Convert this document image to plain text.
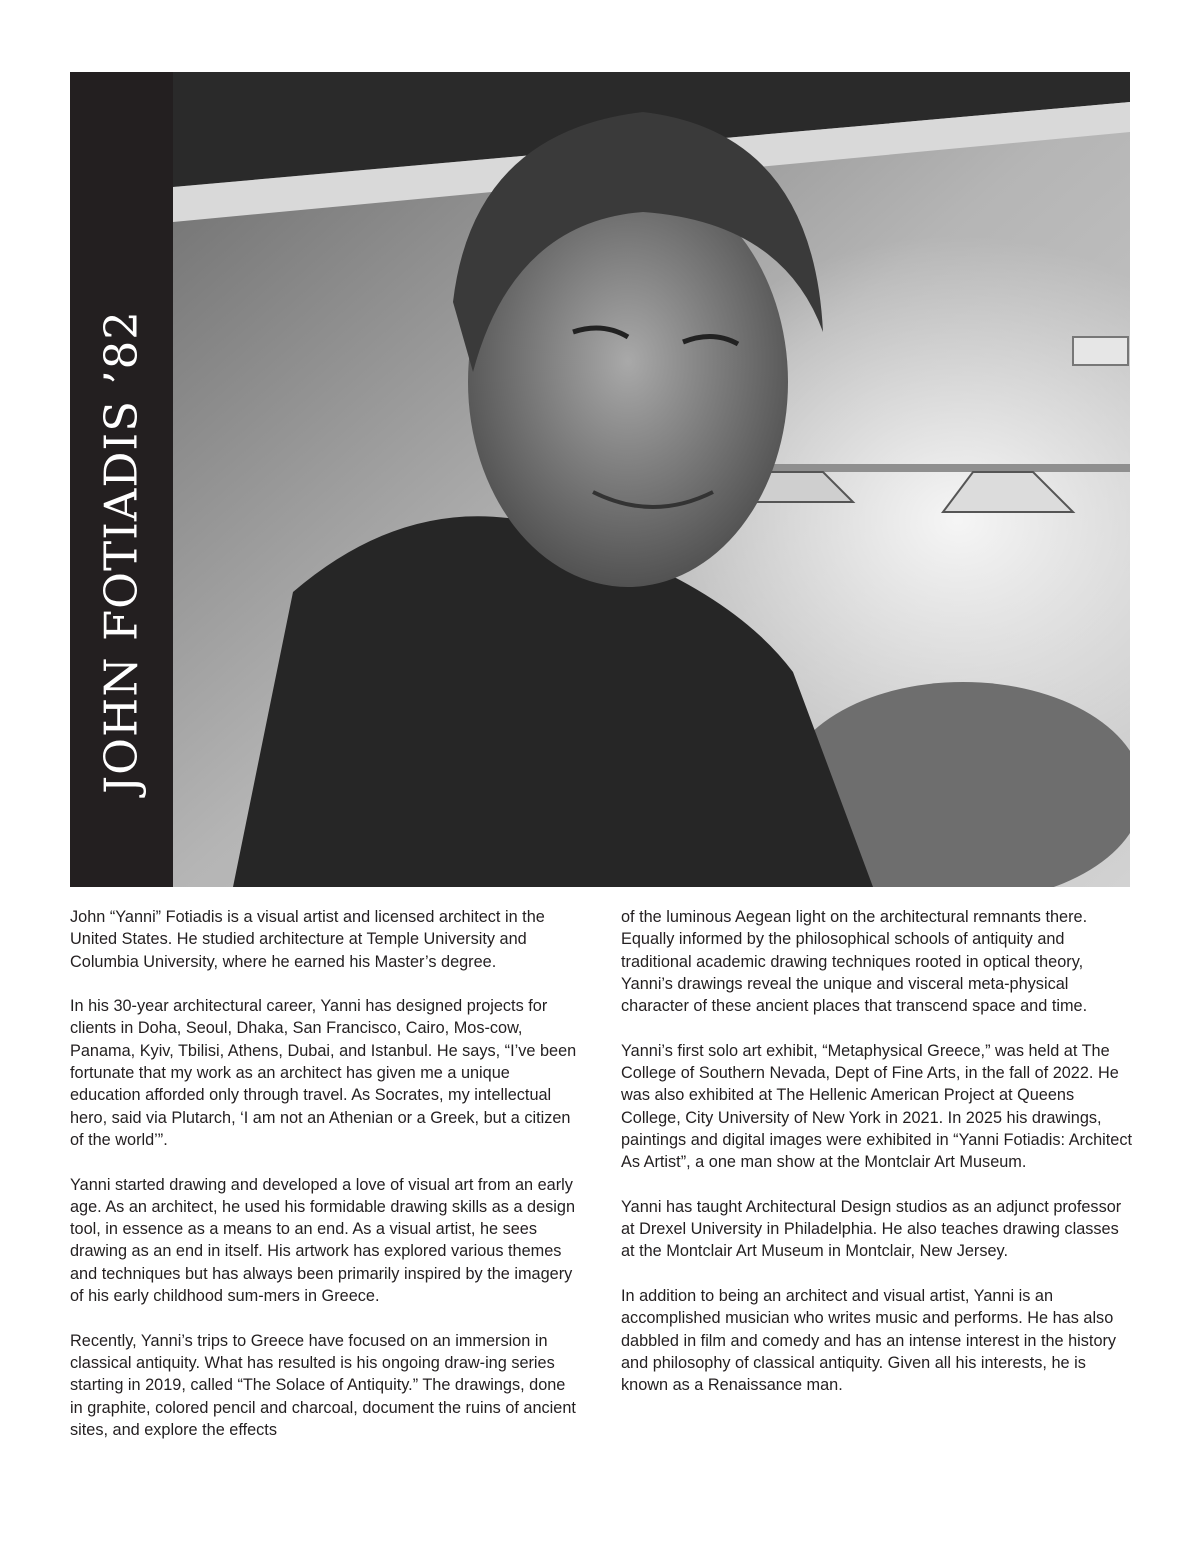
JOHN FOTIADIS ’82

John “Yanni” Fotiadis is a visual artist and licensed architect in the United States. He studied architecture at Temple University and Columbia University, where he earned his Master’s degree.

In his 30-year architectural career, Yanni has designed projects for clients in Doha, Seoul, Dhaka, San Francisco, Cairo, Mos-cow, Panama, Kyiv, Tbilisi, Athens, Dubai, and Istanbul. He says, “I’ve been fortunate that my work as an architect has given me a unique education afforded only through travel. As Socrates, my intellectual hero, said via Plutarch, ‘I am not an Athenian or a Greek, but a citizen of the world’”.

Yanni started drawing and developed a love of visual art from an early age. As an architect, he used his formidable drawing skills as a design tool, in essence as a means to an end. As a visual artist, he sees drawing as an end in itself. His artwork has explored various themes and techniques but has always been primarily inspired by the imagery of his early childhood sum-mers in Greece.

Recently, Yanni’s trips to Greece have focused on an immersion in classical antiquity. What has resulted is his ongoing draw-ing series starting in 2019, called “The Solace of Antiquity.” The drawings, done in graphite, colored pencil and charcoal, document the ruins of ancient sites, and explore the effects

of the luminous Aegean light on the architectural remnants there. Equally informed by the philosophical schools of antiquity and traditional academic drawing techniques rooted in optical theory, Yanni’s drawings reveal the unique and visceral meta-physical character of these ancient places that transcend space and time.

Yanni’s first solo art exhibit, “Metaphysical Greece,” was held at The College of Southern Nevada, Dept of Fine Arts, in the fall of 2022. He was also exhibited at The Hellenic American Project at Queens College, City University of New York in 2021. In 2025 his drawings, paintings and digital images were exhibited in “Yanni Fotiadis: Architect As Artist”, a one man show at the Montclair Art Museum.

Yanni has taught Architectural Design studios as an adjunct professor at Drexel University in Philadelphia. He also teaches drawing classes at the Montclair Art Museum in Montclair, New Jersey.

In addition to being an architect and visual artist, Yanni is an accomplished musician who writes music and performs. He has also dabbled in film and comedy and has an intense interest in the history and philosophy of classical antiquity. Given all his interests, he is known as a Renaissance man.
